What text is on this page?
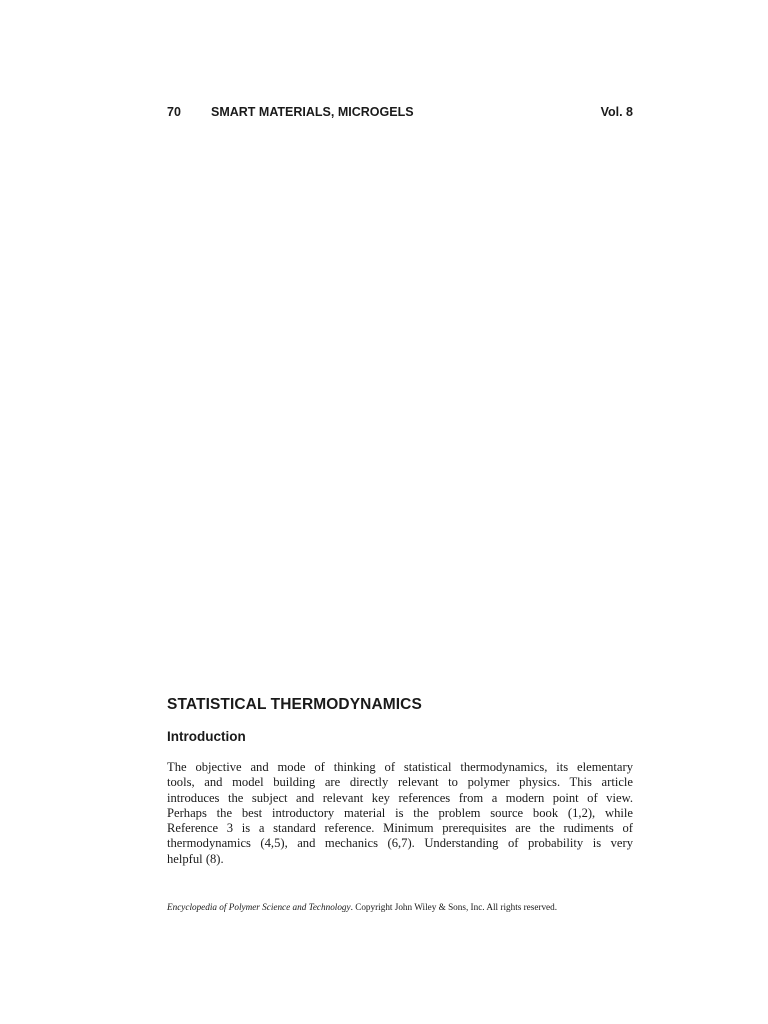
70 SMART MATERIALS, MICROGELS	Vol. 8
STATISTICAL THERMODYNAMICS
Introduction

The objective and mode of thinking of statistical thermodynamics, its elementary
tools, and model building are directly relevant to polymer physics. This article
introduces the subject and relevant key references from a modern point of view.
Perhaps the best introductory material is the problem source book (1,2), while
Reference 3 is a standard reference. Minimum prerequisites are the rudiments of
thermodynamics (4,5), and mechanics (6,7). Understanding of probability is very
helpful (8).

Encyclopedia of Polymer Science and Technology. Copyright John Wiley & Sons, Inc. All rights reserved.
